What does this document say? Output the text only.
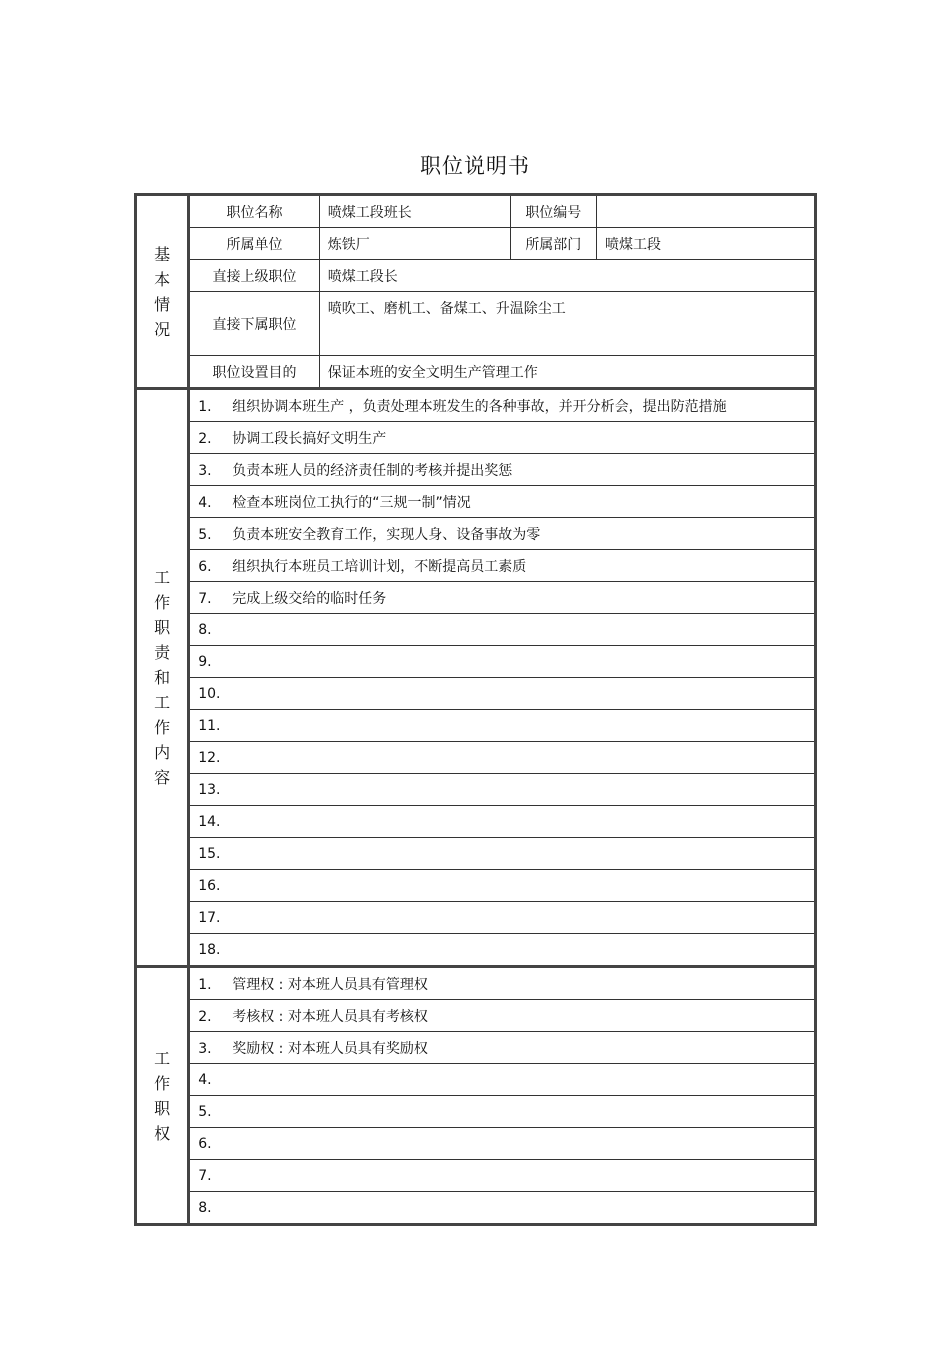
职位说明书
基本情况	职位名称	喷煤工段班长	职位编号	
	所属单位	炼铁厂	所属部门	喷煤工段
	直接上级职位	喷煤工段长		
	直接下属职位	喷吹工、磨机工、备煤工、升温除尘工		
	职位设置目的	保证本班的安全文明生产管理工作		
工作职责和工作内容	1. 组织协调本班生产 ，负责处理本班发生的各种事故，并开分析会，提出防范措施			
	2. 协调工段长搞好文明生产			
	3. 负责本班人员的经济责任制的考核并提出奖惩			
	4. 检查本班岗位工执行的“三规一制”情况			
	5. 负责本班安全教育工作，实现人身、设备事故为零			
	6. 组织执行本班员工培训计划，不断提高员工素质			
	7. 完成上级交给的临时任务			
	8.			
	9.			
	10.			
	11.			
	12.			
	13.			
	14.			
	15.			
	16.			
	17.			
	18.			
工作职权	1. 管理权 : 对本班人员具有管理权			
	2. 考核权 : 对本班人员具有考核权			
	3. 奖励权 : 对本班人员具有奖励权			
	4.			
	5.			
	6.			
	7.			
	8.			
